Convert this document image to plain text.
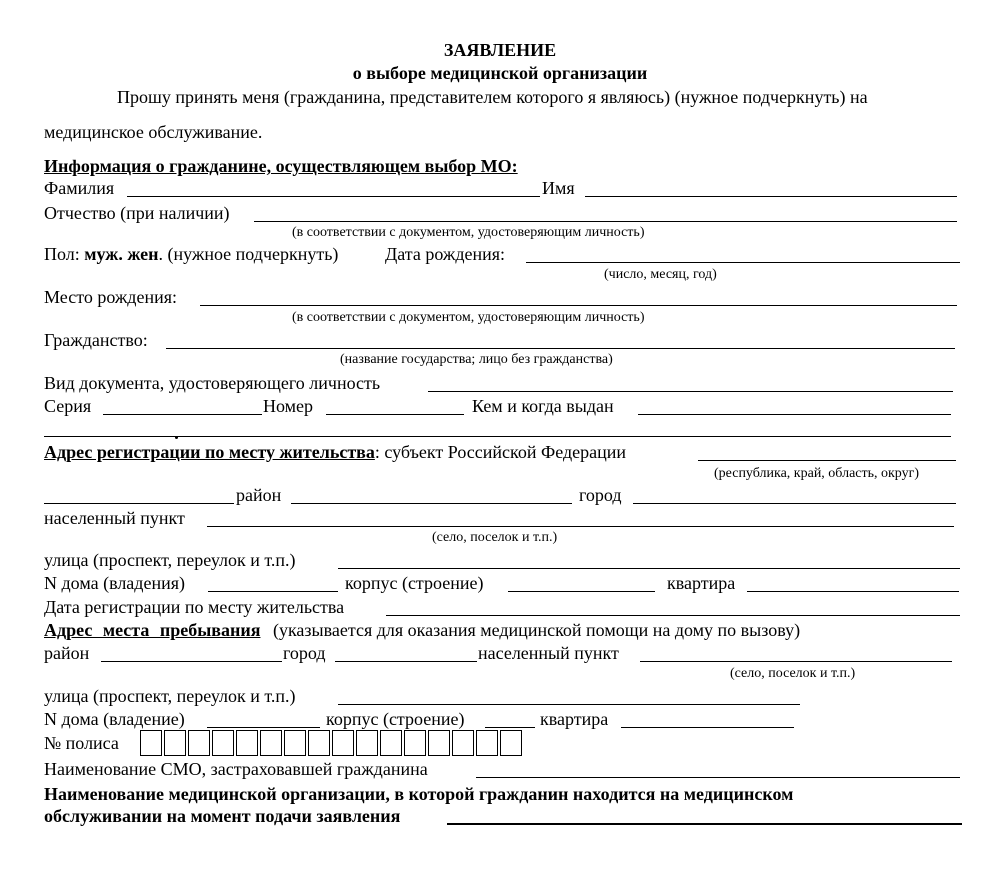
ЗАЯВЛЕНИЕ
о выборе медицинской организации
Прошу принять меня (гражданина, представителем которого я являюсь) (нужное подчеркнуть) на
медицинское обслуживание.
Информация о гражданине, осуществляющем выбор МО:
Фамилия	Имя
Отчество (при наличии)
(в соответствии с документом, удостоверяющим личность)
Пол: муж. жен. (нужное подчеркнуть)	Дата рождения:
(число, месяц, год)
Место рождения:
(в соответствии с документом, удостоверяющим личность)
Гражданство:
(название государства; лицо без гражданства)
Вид документа, удостоверяющего личность
Серия	Номер	Кем и когда выдан
Адрес регистрации по месту жительства: субъект Российской Федерации
(республика, край, область, округ)
район	город
населенный пункт
(село, поселок и т.п.)
улица (проспект, переулок и т.п.)
N дома (владения)	корпус (строение)	квартира
Дата регистрации по месту жительства
Адрес места пребывания (указывается для оказания медицинской помощи на дому по вызову)
район	город	населенный пункт
(село, поселок и т.п.)
улица (проспект, переулок и т.п.)
N дома (владение)	корпус (строение)	квартира
№ полиса
Наименование СМО, застраховавшей гражданина
Наименование медицинской организации, в которой гражданин находится на медицинском
обслуживании на момент подачи заявления
